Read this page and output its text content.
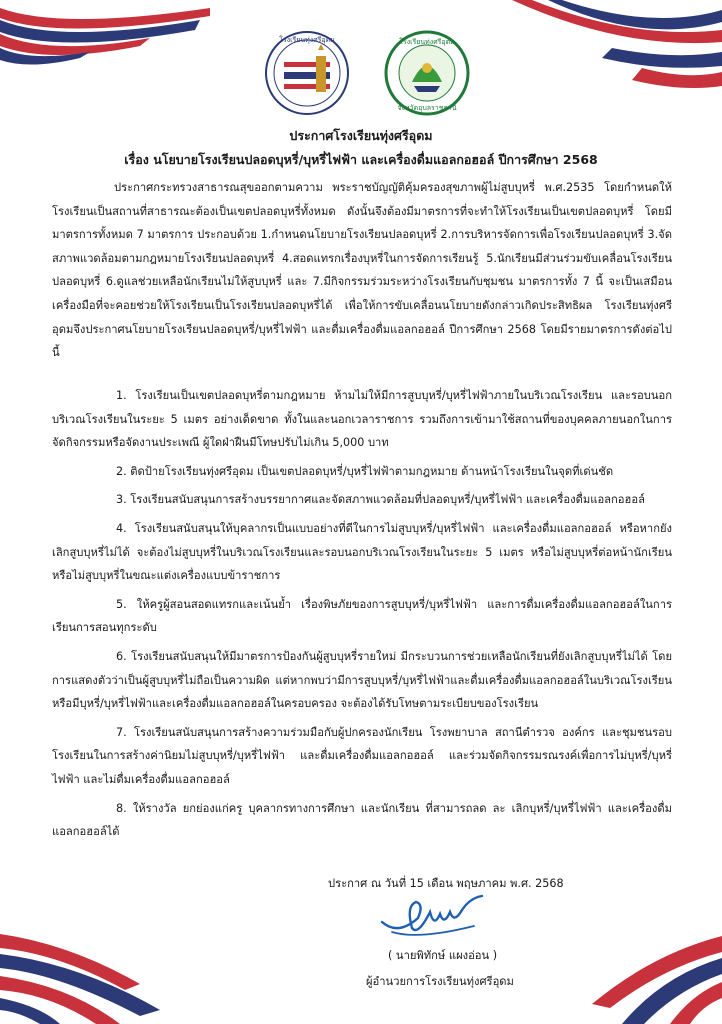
โรงเรียนทุ่งศรีอุดม	โรงเรียนทุ่งศรีอุดม
จังหวัดอุบลราชธานี
ประกาศโรงเรียนทุ่งศรีอุดม
เรื่อง นโยบายโรงเรียนปลอดบุหรี่/บุหรี่ไฟฟ้า และเครื่องดื่มแอลกอฮอล์ ปีการศึกษา 2568
ประกาศกระทรวงสาธารณสุขออกตามความ พระราชบัญญัติคุ้มครองสุขภาพผู้ไม่สูบบุหรี่ พ.ศ.2535 โดยกำหนดให้โรงเรียนเป็นสถานที่สาธารณะต้องเป็นเขตปลอดบุหรี่ทั้งหมด ดังนั้นจึงต้องมีมาตรการที่จะทำให้โรงเรียนเป็นเขตปลอดบุหรี่ โดยมีมาตรการทั้งหมด 7 มาตรการ ประกอบด้วย 1.กำหนดนโยบายโรงเรียนปลอดบุหรี่ 2.การบริหารจัดการเพื่อโรงเรียนปลอดบุหรี่ 3.จัดสภาพแวดล้อมตามกฎหมายโรงเรียนปลอดบุหรี่ 4.สอดแทรกเรื่องบุหรี่ในการจัดการเรียนรู้ 5.นักเรียนมีส่วนร่วมขับเคลื่อนโรงเรียนปลอดบุหรี่ 6.ดูแลช่วยเหลือนักเรียนไม่ให้สูบบุหรี่ และ 7.มีกิจกรรมร่วมระหว่างโรงเรียนกับชุมชน มาตรการทั้ง 7 นี้ จะเป็นเสมือนเครื่องมือที่จะคอยช่วยให้โรงเรียนเป็นโรงเรียนปลอดบุหรี่ได้ เพื่อให้การขับเคลื่อนนโยบายดังกล่าวเกิดประสิทธิผล โรงเรียนทุ่งศรีอุดมจึงประกาศนโยบายโรงเรียนปลอดบุหรี่/บุหรี่ไฟฟ้า และดื่มเครื่องดื่มแอลกอฮอล์ ปีการศึกษา 2568 โดยมีรายมาตรการดังต่อไปนี้

1. โรงเรียนเป็นเขตปลอดบุหรี่ตามกฎหมาย ห้ามไม่ให้มีการสูบบุหรี่/บุหรี่ไฟฟ้าภายในบริเวณโรงเรียน และรอบนอกบริเวณโรงเรียนในระยะ 5 เมตร อย่างเด็ดขาด ทั้งในและนอกเวลาราชการ รวมถึงการเข้ามาใช้สถานที่ของบุคคลภายนอกในการจัดกิจกรรมหรือจัดงานประเพณี ผู้ใดฝ่าฝืนมีโทษปรับไม่เกิน 5,000 บาท

2. ติดป้ายโรงเรียนทุ่งศรีอุดม เป็นเขตปลอดบุหรี่/บุหรี่ไฟฟ้าตามกฎหมาย ด้านหน้าโรงเรียนในจุดที่เด่นชัด

3. โรงเรียนสนับสนุนการสร้างบรรยากาศและจัดสภาพแวดล้อมที่ปลอดบุหรี่/บุหรี่ไฟฟ้า และเครื่องดื่มแอลกอฮอล์

4. โรงเรียนสนับสนุนให้บุคลากรเป็นแบบอย่างที่ดีในการไม่สูบบุหรี่/บุหรี่ไฟฟ้า และเครื่องดื่มแอลกอฮอล์ หรือหากยังเลิกสูบบุหรี่ไม่ได้ จะต้องไม่สูบบุหรี่ในบริเวณโรงเรียนและรอบนอกบริเวณโรงเรียนในระยะ 5 เมตร หรือไม่สูบบุหรี่ต่อหน้านักเรียน หรือไม่สูบบุหรี่ในขณะแต่งเครื่องแบบข้าราชการ

5. ให้ครูผู้สอนสอดแทรกและเน้นย้ำ เรื่องพิษภัยของการสูบบุหรี่/บุหรี่ไฟฟ้า และการดื่มเครื่องดื่มแอลกอฮอล์ในการเรียนการสอนทุกระดับ

6. โรงเรียนสนับสนุนให้มีมาตรการป้องกันผู้สูบบุหรี่รายใหม่ มีกระบวนการช่วยเหลือนักเรียนที่ยังเลิกสูบบุหรี่ไม่ได้ โดยการแสดงตัวว่าเป็นผู้สูบบุหรี่ไม่ถือเป็นความผิด แต่หากพบว่ามีการสูบบุหรี่/บุหรี่ไฟฟ้าและดื่มเครื่องดื่มแอลกอฮอล์ในบริเวณโรงเรียน หรือมีบุหรี่/บุหรี่ไฟฟ้าและเครื่องดื่มแอลกอฮอล์ในครอบครอง จะต้องได้รับโทษตามระเบียบของโรงเรียน

7. โรงเรียนสนับสนุนการสร้างความร่วมมือกับผู้ปกครองนักเรียน โรงพยาบาล สถานีตำรวจ องค์กร และชุมชนรอบโรงเรียนในการสร้างค่านิยมไม่สูบบุหรี่/บุหรี่ไฟฟ้า และดื่มเครื่องดื่มแอลกอฮอล์ และร่วมจัดกิจกรรมรณรงค์เพื่อการไม่บุหรี่/บุหรี่ไฟฟ้า และไม่ดื่มเครื่องดื่มแอลกอฮอล์

8. ให้รางวัล ยกย่องแก่ครู บุคลากรทางการศึกษา และนักเรียน ที่สามารถลด ละ เลิกบุหรี่/บุหรี่ไฟฟ้า และเครื่องดื่มแอลกอฮอล์ได้

ประกาศ ณ วันที่ 15 เดือน พฤษภาคม พ.ศ. 2568
( นายพิทักษ์ แผงอ่อน )
ผู้อำนวยการโรงเรียนทุ่งศรีอุดม
